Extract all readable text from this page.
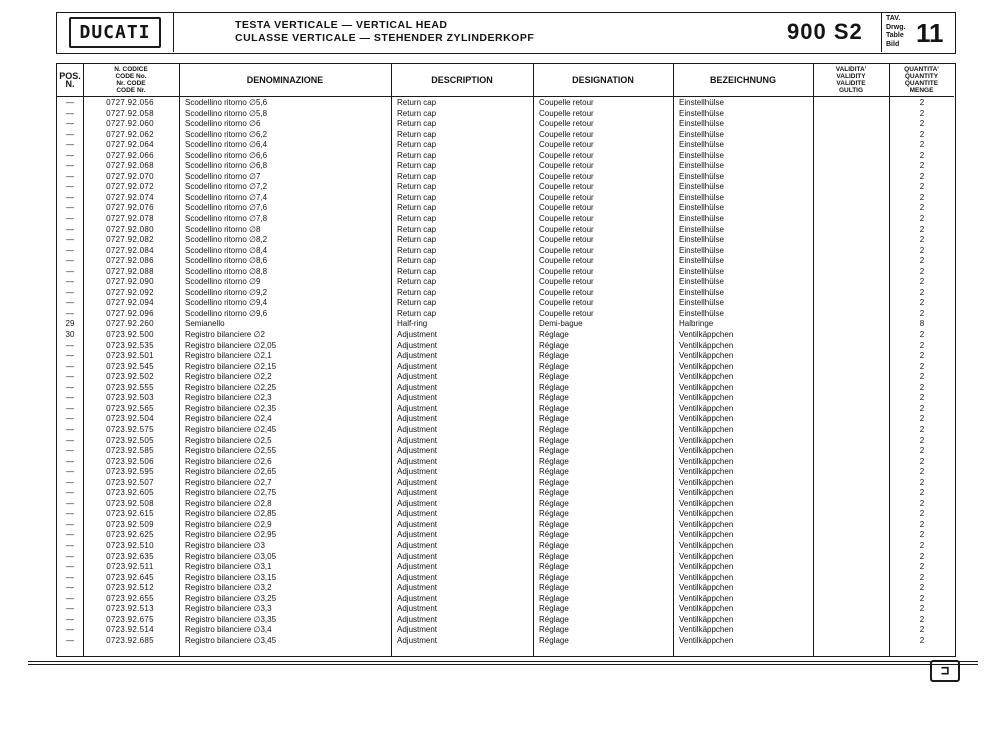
DUCATI	TESTA VERTICALE — VERTICAL HEAD
CULASSE VERTICALE — STEHENDER ZYLINDERKOPF	900 S2
TAV.
Drwg.
Table
Bild 11
POS.
N.
N. CODICE
CODE No.
Nr. CODE
CODE Nr.
DENOMINAZIONE	DESCRIPTION	DESIGNATION	BEZEICHNUNG
VALIDITA'
VALIDITY
VALIDITE
GULTIG
QUANTITA'
QUANTITY
QUANTITE
MENGE
—	0727.92.056	Scodellino ritorno ∅5,6	Return cap	Coupelle retour	Einstellhülse	2
—	0727.92.058	Scodellino ritorno ∅5,8	Return cap	Coupelle retour	Einstellhülse	2
—	0727.92.060	Scodellino ritorno ∅6	Return cap	Coupelle retour	Einstellhülse	2
—	0727.92.062	Scodellino ritorno ∅6,2	Return cap	Coupelle retour	Einstellhülse	2
—	0727.92.064	Scodellino ritorno ∅6,4	Return cap	Coupelle retour	Einstellhülse	2
—	0727.92.066	Scodellino ritorno ∅6,6	Return cap	Coupelle retour	Einstellhülse	2
—	0727.92.068	Scodellino ritorno ∅6,8	Return cap	Coupelle retour	Einstellhülse	2
—	0727.92.070	Scodellino ritorno ∅7	Return cap	Coupelle retour	Einstellhülse	2
—	0727.92.072	Scodellino ritorno ∅7,2	Return cap	Coupelle retour	Einstellhülse	2
—	0727.92.074	Scodellino ritorno ∅7,4	Return cap	Coupelle retour	Einstellhülse	2
—	0727.92.076	Scodellino ritorno ∅7,6	Return cap	Coupelle retour	Einstellhülse	2
—	0727.92.078	Scodellino ritorno ∅7,8	Return cap	Coupelle retour	Einstellhülse	2
—	0727.92.080	Scodellino ritorno ∅8	Return cap	Coupelle retour	Einstellhülse	2
—	0727.92.082	Scodellino ritorno ∅8,2	Return cap	Coupelle retour	Einstellhülse	2
—	0727.92.084	Scodellino ritorno ∅8,4	Return cap	Coupelle retour	Einstellhülse	2
—	0727.92.086	Scodellino ritorno ∅8,6	Return cap	Coupelle retour	Einstellhülse	2
—	0727.92.088	Scodellino ritorno ∅8,8	Return cap	Coupelle retour	Einstellhülse	2
—	0727.92.090	Scodellino ritorno ∅9	Return cap	Coupelle retour	Einstellhülse	2
—	0727.92.092	Scodellino ritorno ∅9,2	Return cap	Coupelle retour	Einstellhülse	2
—	0727.92.094	Scodellino ritorno ∅9,4	Return cap	Coupelle retour	Einstellhülse	2
—	0727.92.096	Scodellino ritorno ∅9,6	Return cap	Coupelle retour	Einstellhülse	2
29	0727.92.260	Semianello	Half-ring	Demi-bague	Halbringe	8
30	0723.92.500	Registro bilanciere ∅2	Adjustment	Réglage	Ventilkäppchen	2
—	0723.92.535	Registro bilanciere ∅2,05	Adjustment	Réglage	Ventilkäppchen	2
—	0723.92.501	Registro bilanciere ∅2,1	Adjustment	Réglage	Ventilkäppchen	2
—	0723.92.545	Registro bilanciere ∅2,15	Adjustment	Réglage	Ventilkäppchen	2
—	0723.92.502	Registro bilanciere ∅2,2	Adjustment	Réglage	Ventilkäppchen	2
—	0723.92.555	Registro bilanciere ∅2,25	Adjustment	Réglage	Ventilkäppchen	2
—	0723.92.503	Registro bilanciere ∅2,3	Adjustment	Réglage	Ventilkäppchen	2
—	0723.92.565	Registro bilanciere ∅2,35	Adjustment	Réglage	Ventilkäppchen	2
—	0723.92.504	Registro bilanciere ∅2,4	Adjustment	Réglage	Ventilkäppchen	2
—	0723.92.575	Registro bilanciere ∅2,45	Adjustment	Réglage	Ventilkäppchen	2
—	0723.92.505	Registro bilanciere ∅2,5	Adjustment	Réglage	Ventilkäppchen	2
—	0723.92.585	Registro bilanciere ∅2,55	Adjustment	Réglage	Ventilkäppchen	2
—	0723.92.506	Registro bilanciere ∅2,6	Adjustment	Réglage	Ventilkäppchen	2
—	0723.92.595	Registro bilanciere ∅2,65	Adjustment	Réglage	Ventilkäppchen	2
—	0723.92.507	Registro bilanciere ∅2,7	Adjustment	Réglage	Ventilkäppchen	2
—	0723.92.605	Registro bilanciere ∅2,75	Adjustment	Réglage	Ventilkäppchen	2
—	0723.92.508	Registro bilanciere ∅2,8	Adjustment	Réglage	Ventilkäppchen	2
—	0723.92.615	Registro bilanciere ∅2,85	Adjustment	Réglage	Ventilkäppchen	2
—	0723.92.509	Registro bilanciere ∅2,9	Adjustment	Réglage	Ventilkäppchen	2
—	0723.92.625	Registro bilanciere ∅2,95	Adjustment	Réglage	Ventilkäppchen	2
—	0723.92.510	Registro bilanciere ∅3	Adjustment	Réglage	Ventilkäppchen	2
—	0723.92.635	Registro bilanciere ∅3,05	Adjustment	Réglage	Ventilkäppchen	2
—	0723.92.511	Registro bilanciere ∅3,1	Adjustment	Réglage	Ventilkäppchen	2
—	0723.92.645	Registro bilanciere ∅3,15	Adjustment	Réglage	Ventilkäppchen	2
—	0723.92.512	Registro bilanciere ∅3,2	Adjustment	Réglage	Ventilkäppchen	2
—	0723.92.655	Registro bilanciere ∅3,25	Adjustment	Réglage	Ventilkäppchen	2
—	0723.92.513	Registro bilanciere ∅3,3	Adjustment	Réglage	Ventilkäppchen	2
—	0723.92.675	Registro bilanciere ∅3,35	Adjustment	Réglage	Ventilkäppchen	2
—	0723.92.514	Registro bilanciere ∅3,4	Adjustment	Réglage	Ventilkäppchen	2
—	0723.92.685	Registro bilanciere ∅3,45	Adjustment	Réglage	Ventilkäppchen	2
⊐
